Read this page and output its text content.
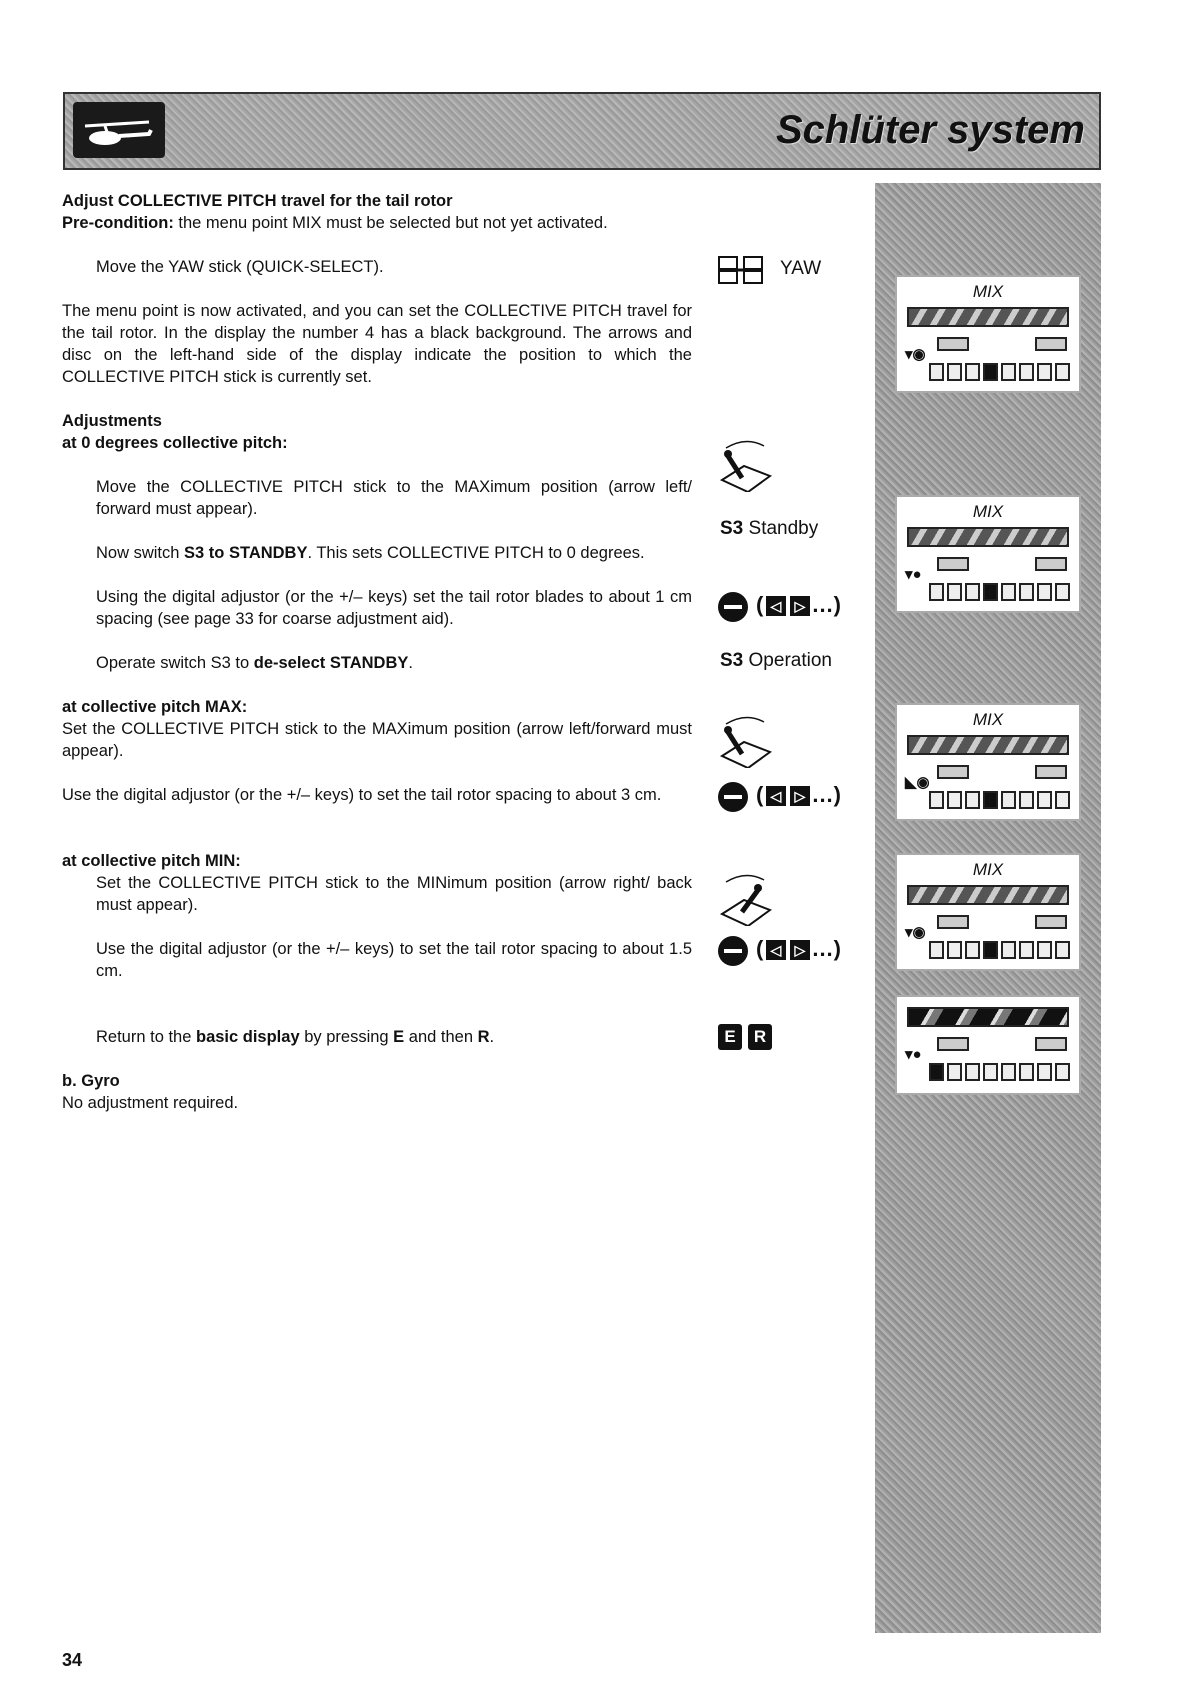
Schlüter system
MIX
▾◉
MIX
▾●
MIX
◣◉
MIX
▾◉
▾●
Adjust COLLECTIVE PITCH travel for the tail rotor
Pre-condition: the menu point MIX must be selected but not yet activated.
Move the YAW stick (QUICK-SELECT).	YAW
The menu point is now activated, and you can set the COLLECTIVE PITCH travel for the tail rotor. In the display the number 4 has a black background. The arrows and disc on the left-hand side of the display indicate the position to which the COLLECTIVE PITCH stick is currently set.
Adjustments
at 0 degrees collective pitch:
Move the COLLECTIVE PITCH stick to the MAXimum position (arrow left/ forward must appear).
Now switch S3 to STANDBY. This sets COLLECTIVE PITCH to 0 degrees.
S3 Standby
Using the digital adjustor (or the +/– keys) set the tail rotor blades to about 1 cm spacing (see page 33 for coarse adjustment aid).
( ◁ ▷ ...)
Operate switch S3 to de-select STANDBY.	S3 Operation
at collective pitch MAX:
Set the COLLECTIVE PITCH stick to the MAXimum position (arrow left/forward must appear).
Use the digital adjustor (or the +/– keys) to set the tail rotor spacing to about 3 cm.	( ◁ ▷ ...)
at collective pitch MIN:
Set the COLLECTIVE PITCH stick to the MINimum position (arrow right/ back must appear).
Use the digital adjustor (or the +/– keys) to set the tail rotor spacing to about 1.5 cm.
( ◁ ▷ ...)
Return to the basic display by pressing E and then R.	E R
b. Gyro
No adjustment required.
34
